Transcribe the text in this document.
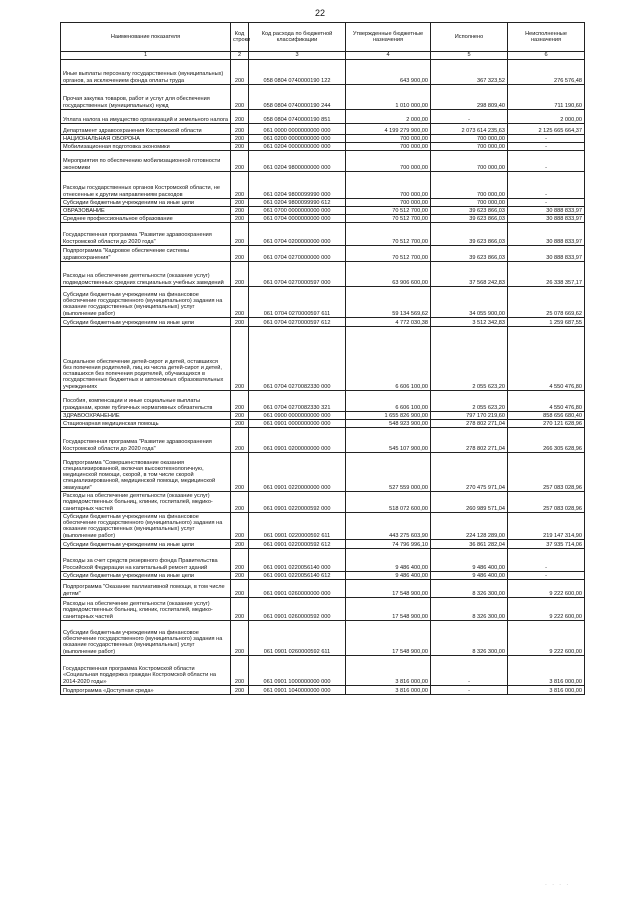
22
Наименование показателя	Код строки	Код расхода по бюджетной классификации	Утвержденные бюджетные назначения	Исполнено	Неисполненные назначения
1	2	3	4	5	6
Иные выплаты персоналу государственных (муниципальных) органов, за исключением фонда оплаты труда	200	058 0804 0740000190 122	643 900,00	367 323,52	276 576,48
Прочая закупка товаров, работ и услуг для обеспечения государственных (муниципальных) нужд	200	058 0804 0740000190 244	1 010 000,00	298 809,40	711 190,60
Уплата налога на имущество организаций и земельного налога	200	058 0804 0740000190 851	2 000,00	-	2 000,00
Департамент здравоохранения Костромской области	200	061 0000 0000000000 000	4 199 279 900,00	2 073 614 235,63	2 125 665 664,37
НАЦИОНАЛЬНАЯ ОБОРОНА	200	061 0200 0000000000 000	700 000,00	700 000,00	-
Мобилизационная подготовка экономики	200	061 0204 0000000000 000	700 000,00	700 000,00	-
Мероприятия по обеспечению мобилизационной готовности экономики	200	061 0204 9800000000 000	700 000,00	700 000,00	-
Расходы государственных органов Костромской области, не отнесенные к другим направлениям расходов	200	061 0204 9800099990 000	700 000,00	700 000,00	-
Субсидии бюджетным учреждениям на иные цели	200	061 0204 9800099990 612	700 000,00	700 000,00	-
ОБРАЗОВАНИЕ	200	061 0700 0000000000 000	70 512 700,00	39 623 866,03	30 888 833,97
Среднее профессиональное образование	200	061 0704 0000000000 000	70 512 700,00	39 623 866,03	30 888 833,97
Государственная программа "Развитие здравоохранения Костромской области до 2020 года"	200	061 0704 0200000000 000	70 512 700,00	39 623 866,03	30 888 833,97
Подпрограмма "Кадровое обеспечение системы здравоохранения"	200	061 0704 0270000000 000	70 512 700,00	39 623 866,03	30 888 833,97
Расходы на обеспечение деятельности (оказание услуг) подведомственных средних специальных учебных заведений	200	061 0704 0270000597 000	63 906 600,00	37 568 242,83	26 338 357,17
Субсидии бюджетным учреждениям на финансовое обеспечение государственного (муниципального) задания на оказание государственных (муниципальных) услуг (выполнение работ)	200	061 0704 0270000597 611	59 134 569,62	34 055 900,00	25 078 669,62
Субсидии бюджетным учреждениям на иные цели	200	061 0704 0270000597 612	4 772 030,38	3 512 342,83	1 259 687,55
Социальное обеспечение детей-сирот и детей, оставшихся без попечения родителей, лиц из числа детей-сирот и детей, оставшихся без попечения родителей, обучающихся в государственных бюджетных и автономных образовательных учреждениях	200	061 0704 0270082330 000	6 606 100,00	2 055 623,20	4 550 476,80
Пособия, компенсации и иные социальные выплаты гражданам, кроме публичных нормативных обязательств	200	061 0704 0270082330 321	6 606 100,00	2 055 623,20	4 550 476,80
ЗДРАВООХРАНЕНИЕ	200	061 0900 0000000000 000	1 655 826 900,00	797 170 219,60	858 656 680,40
Стационарная медицинская помощь	200	061 0901 0000000000 000	548 923 900,00	278 802 271,04	270 121 628,96
Государственная программа "Развитие здравоохранения Костромской области до 2020 года"	200	061 0901 0200000000 000	545 107 900,00	278 802 271,04	266 305 628,96
Подпрограмма "Совершенствование оказания специализированной, включая высокотехнологичную, медицинской помощи, скорой, в том числе скорой специализированной, медицинской помощи, медицинской эвакуации"	200	061 0901 0220000000 000	527 559 000,00	270 475 971,04	257 083 028,96
Расходы на обеспечение деятельности (оказание услуг) подведомственных больниц, клиник, госпиталей, медико-санитарных частей	200	061 0901 0220000592 000	518 072 600,00	260 989 571,04	257 083 028,96
Субсидии бюджетным учреждениям на финансовое обеспечение государственного (муниципального) задания на оказание государственных (муниципальных) услуг (выполнение работ)	200	061 0901 0220000592 611	443 275 603,90	224 128 289,00	219 147 314,90
Субсидии бюджетным учреждениям на иные цели	200	061 0901 0220000592 612	74 796 996,10	36 861 282,04	37 935 714,06
Расходы за счет средств резервного фонда Правительства Российской Федерации на капитальный ремонт зданий	200	061 0901 0220056140 000	9 486 400,00	9 486 400,00	-
Субсидии бюджетным учреждениям на иные цели	200	061 0901 0220056140 612	9 486 400,00	9 486 400,00	-
Подпрограмма "Оказание паллиативной помощи, в том числе детям"	200	061 0901 0260000000 000	17 548 900,00	8 326 300,00	9 222 600,00
Расходы на обеспечение деятельности (оказание услуг) подведомственных больниц, клиник, госпиталей, медико-санитарных частей	200	061 0901 0260000592 000	17 548 900,00	8 326 300,00	9 222 600,00
Субсидии бюджетным учреждениям на финансовое обеспечение государственного (муниципального) задания на оказание государственных (муниципальных) услуг (выполнение работ)	200	061 0901 0260000592 611	17 548 900,00	8 326 300,00	9 222 600,00
Государственная программа Костромской области «Социальная поддержка граждан Костромской области на 2014-2020 годы»	200	061 0901 1000000000 000	3 816 000,00	-	3 816 000,00
Подпрограмма «Доступная среда»	200	061 0901 1040000000 000	3 816 000,00	-	3 816 000,00
· · · ·
